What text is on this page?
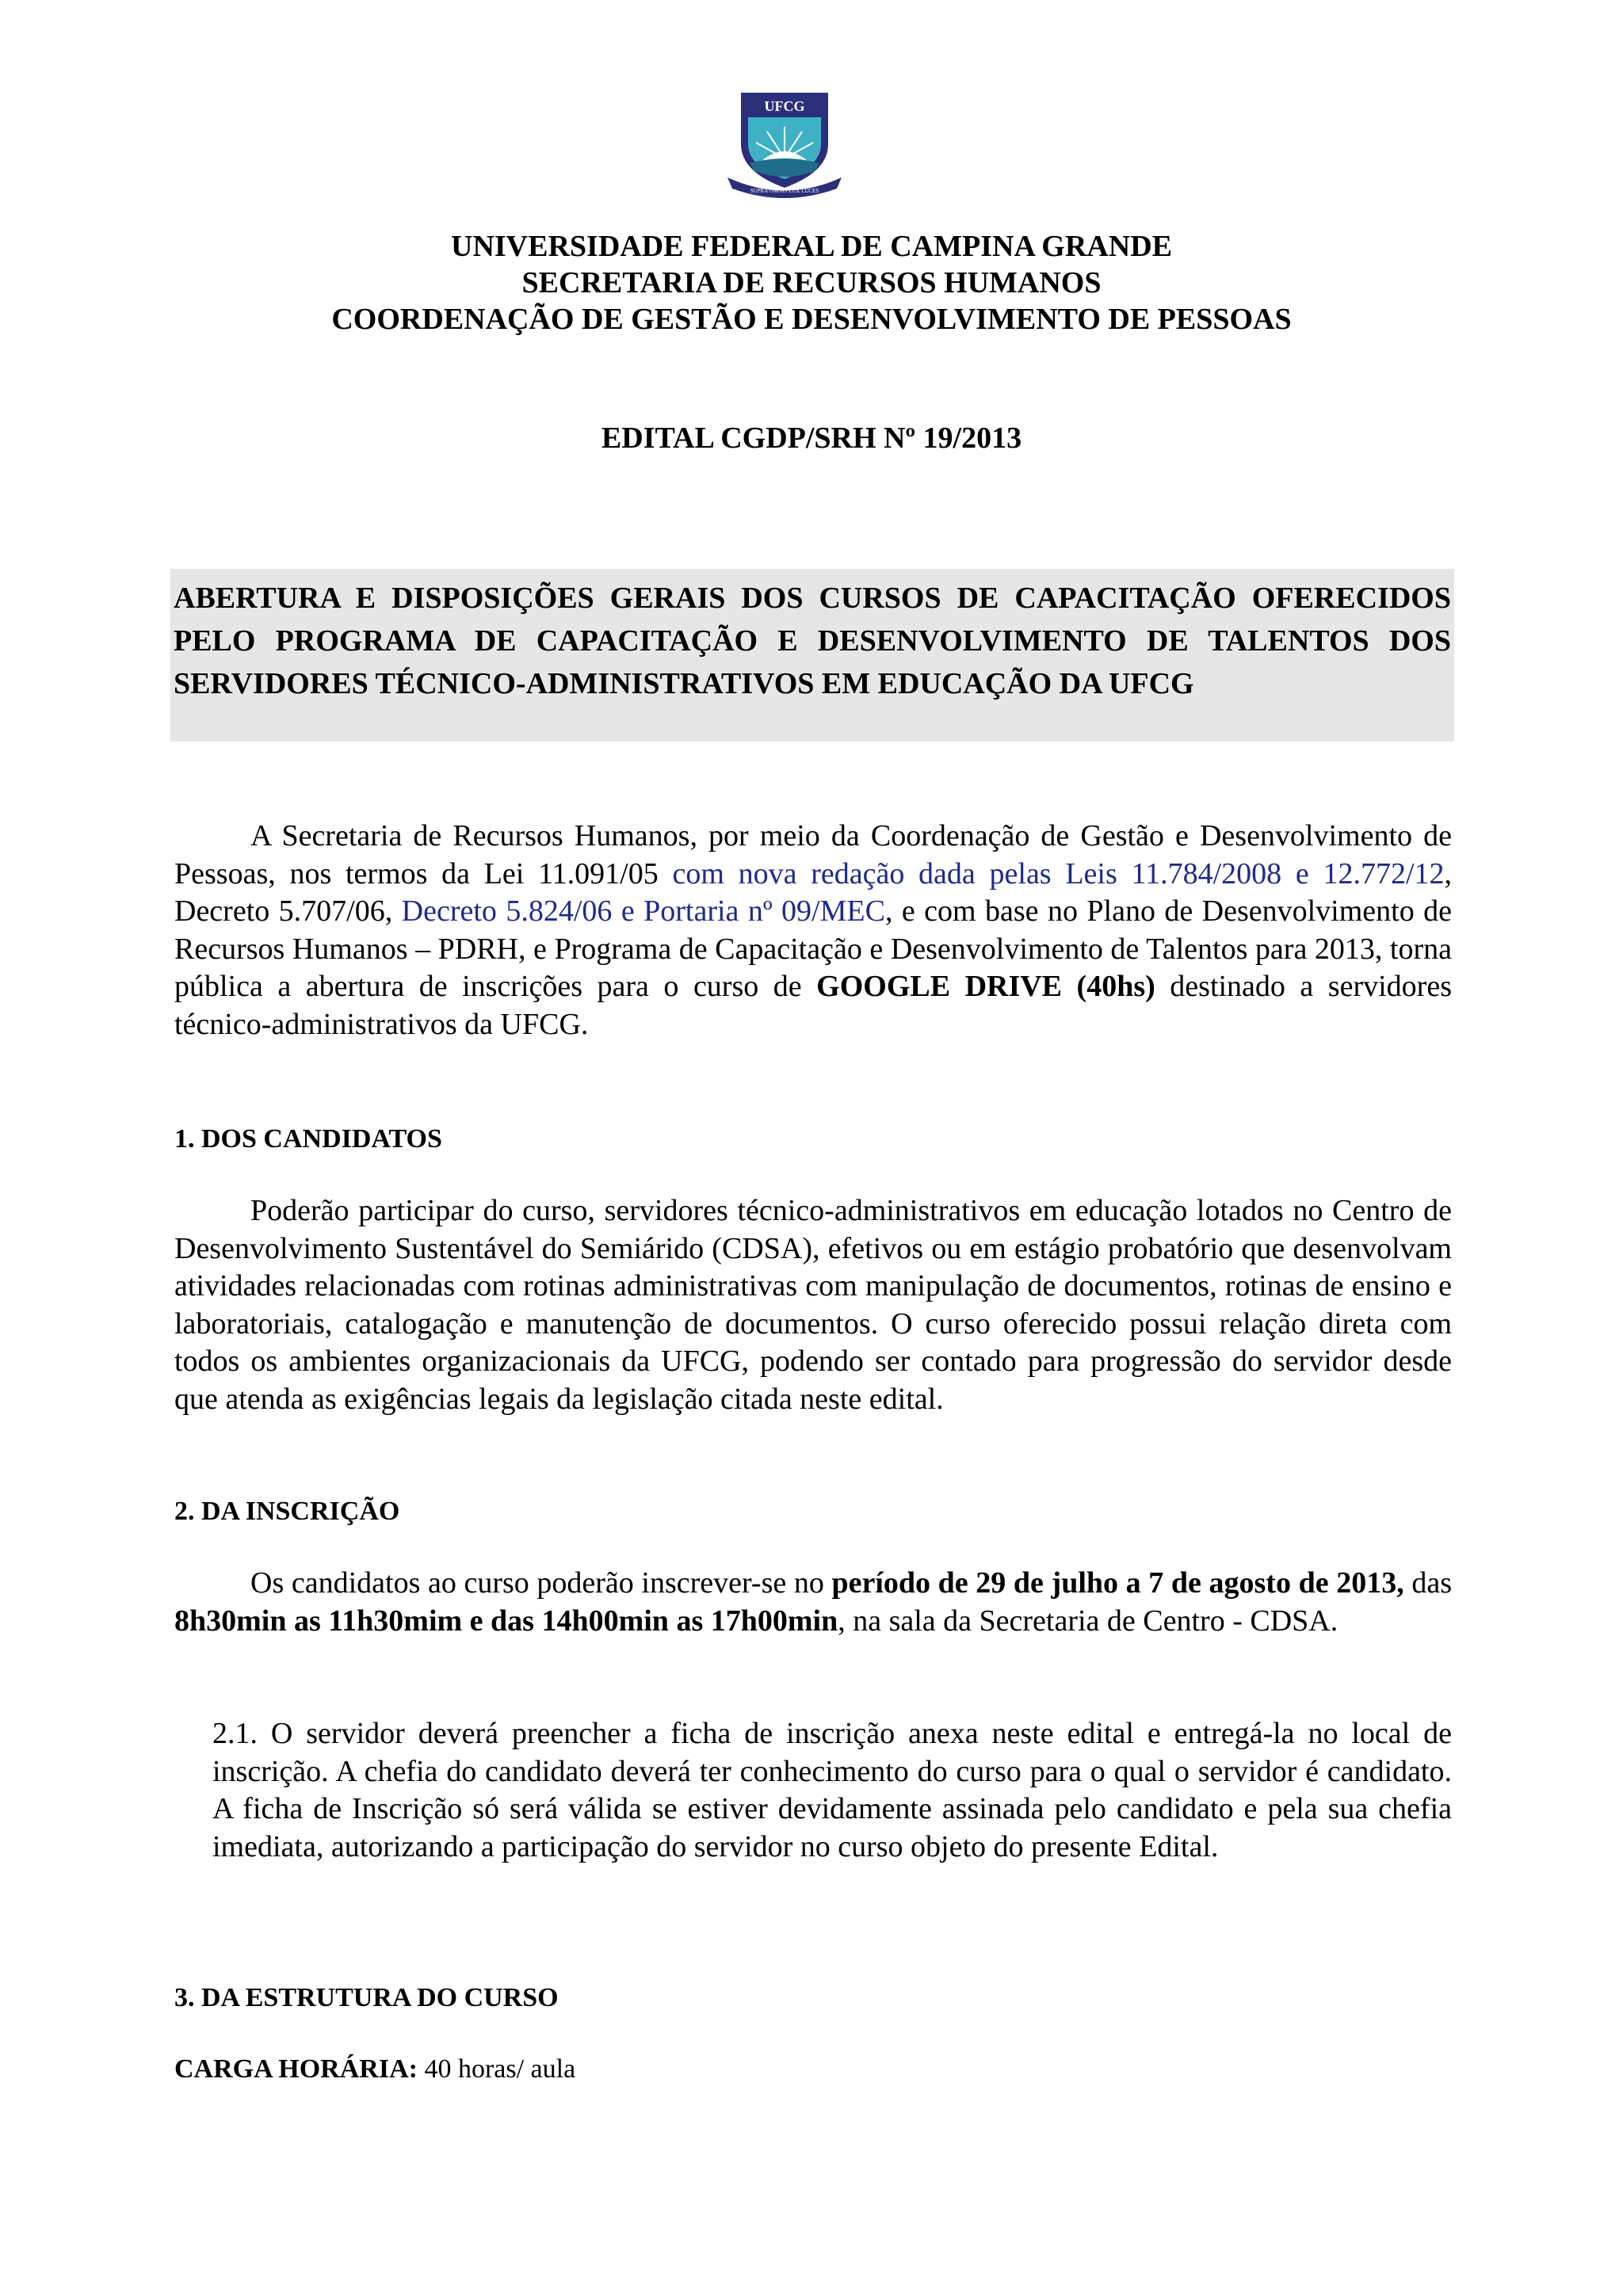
UFCG
SUPRA OMNIS LUX LUCES
UNIVERSIDADE FEDERAL DE CAMPINA GRANDE
SECRETARIA DE RECURSOS HUMANOS
COORDENAÇÃO DE GESTÃO E DESENVOLVIMENTO DE PESSOAS
EDITAL CGDP/SRH Nº 19/2013

ABERTURA E DISPOSIÇÕES GERAIS DOS CURSOS DE CAPACITAÇÃO OFERECIDOS PELO PROGRAMA DE CAPACITAÇÃO E DESENVOLVIMENTO DE TALENTOS DOS SERVIDORES TÉCNICO-ADMINISTRATIVOS EM EDUCAÇÃO DA UFCG

A Secretaria de Recursos Humanos, por meio da Coordenação de Gestão e Desenvolvimento de Pessoas, nos termos da Lei 11.091/05 com nova redação dada pelas Leis 11.784/2008 e 12.772/12, Decreto 5.707/06, Decreto 5.824/06 e Portaria nº 09/MEC, e com base no Plano de Desenvolvimento de Recursos Humanos – PDRH, e Programa de Capacitação e Desenvolvimento de Talentos para 2013, torna pública a abertura de inscrições para o curso de GOOGLE DRIVE (40hs) destinado a servidores técnico-administrativos da UFCG.

1. DOS CANDIDATOS

Poderão participar do curso, servidores técnico-administrativos em educação lotados no Centro de Desenvolvimento Sustentável do Semiárido (CDSA), efetivos ou em estágio probatório que desenvolvam atividades relacionadas com rotinas administrativas com manipulação de documentos, rotinas de ensino e laboratoriais, catalogação e manutenção de documentos. O curso oferecido possui relação direta com todos os ambientes organizacionais da UFCG, podendo ser contado para progressão do servidor desde que atenda as exigências legais da legislação citada neste edital.

2. DA INSCRIÇÃO

Os candidatos ao curso poderão inscrever-se no período de 29 de julho a 7 de agosto de 2013, das 8h30min as 11h30mim e das 14h00min as 17h00min, na sala da Secretaria de Centro - CDSA.

2.1. O servidor deverá preencher a ficha de inscrição anexa neste edital e entregá-la no local de inscrição. A chefia do candidato deverá ter conhecimento do curso para o qual o servidor é candidato. A ficha de Inscrição só será válida se estiver devidamente assinada pelo candidato e pela sua chefia imediata, autorizando a participação do servidor no curso objeto do presente Edital.

3. DA ESTRUTURA DO CURSO

CARGA HORÁRIA: 40 horas/ aula
